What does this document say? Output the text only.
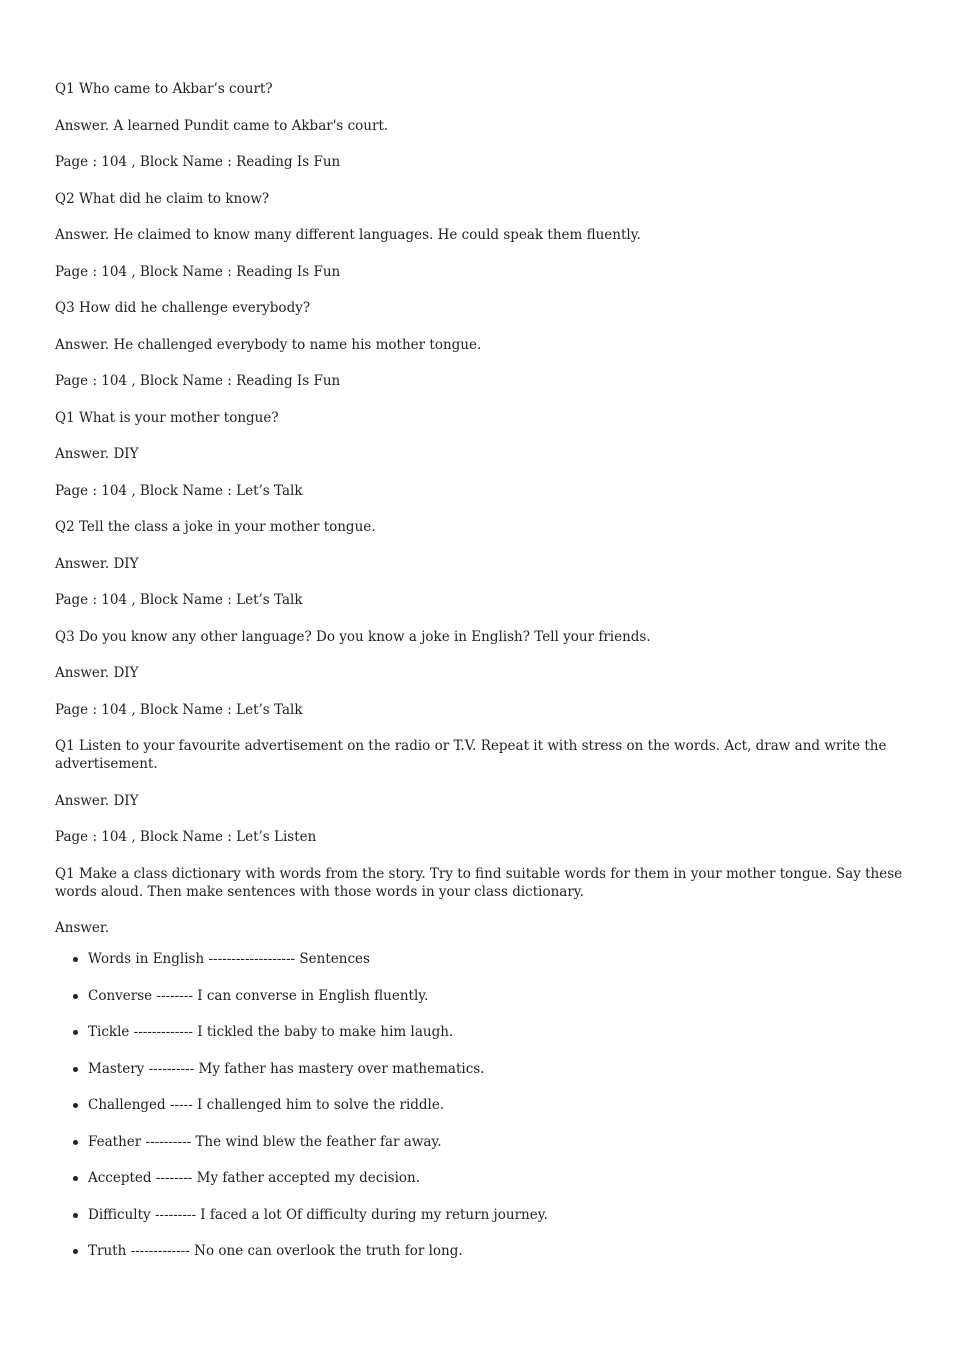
Q1 Who came to Akbar’s court?

Answer. A learned Pundit came to Akbar's court.

Page : 104 , Block Name : Reading Is Fun

Q2 What did he claim to know?

Answer. He claimed to know many different languages. He could speak them fluently.

Page : 104 , Block Name : Reading Is Fun

Q3 How did he challenge everybody?

Answer. He challenged everybody to name his mother tongue.

Page : 104 , Block Name : Reading Is Fun

Q1 What is your mother tongue?

Answer. DIY

Page : 104 , Block Name : Let’s Talk

Q2 Tell the class a joke in your mother tongue.

Answer. DIY

Page : 104 , Block Name : Let’s Talk

Q3 Do you know any other language? Do you know a joke in English? Tell your friends.

Answer. DIY

Page : 104 , Block Name : Let’s Talk

Q1 Listen to your favourite advertisement on the radio or T.V. Repeat it with stress on the words. Act, draw and write the advertisement.

Answer. DIY

Page : 104 , Block Name : Let’s Listen

Q1 Make a class dictionary with words from the story. Try to find suitable words for them in your mother tongue. Say these words aloud. Then make sentences with those words in your class dictionary.

Answer.

Words in English ------------------- Sentences
Converse -------- I can converse in English fluently.
Tickle ------------- I tickled the baby to make him laugh.
Mastery ---------- My father has mastery over mathematics.
Challenged ----- I challenged him to solve the riddle.
Feather ---------- The wind blew the feather far away.
Accepted -------- My father accepted my decision.
Difficulty --------- I faced a lot Of difficulty during my return journey.
Truth ------------- No one can overlook the truth for long.
